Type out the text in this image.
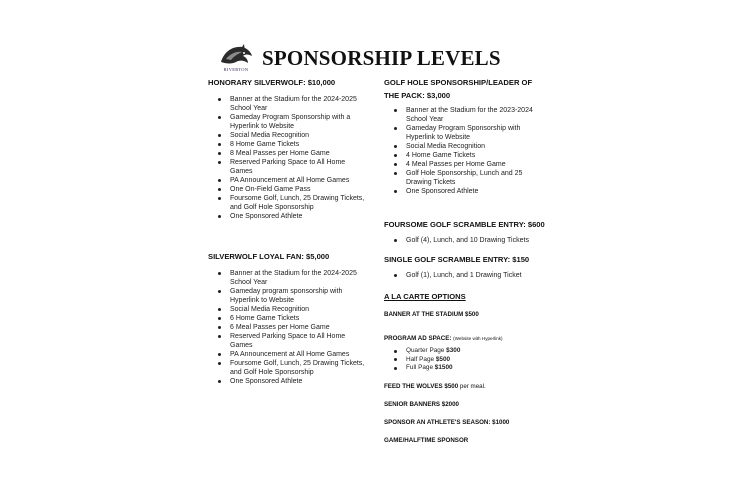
RIVERTON SPONSORSHIP LEVELS

HONORARY SILVERWOLF: $10,000

Banner at the Stadium for the 2024-2025 School Year
Gameday Program Sponsorship with a Hyperlink to Website
Social Media Recognition
8 Home Game Tickets
8 Meal Passes per Home Game
Reserved Parking Space to All Home Games
PA Announcement at All Home Games
One On-Field Game Pass
Foursome Golf, Lunch, 25 Drawing Tickets, and Golf Hole Sponsorship
One Sponsored Athlete

SILVERWOLF LOYAL FAN: $5,000

Banner at the Stadium for the 2024-2025 School Year
Gameday program sponsorship with Hyperlink to Website
Social Media Recognition
6 Home Game Tickets
6 Meal Passes per Home Game
Reserved Parking Space to All Home Games
PA Announcement at All Home Games
Foursome Golf, Lunch, 25 Drawing Tickets, and Golf Hole Sponsorship
One Sponsored Athlete

GOLF HOLE SPONSORSHIP/LEADER OF

THE PACK: $3,000

Banner at the Stadium for the 2023-2024 School Year
Gameday Program Sponsorship with Hyperlink to Website
Social Media Recognition
4 Home Game Tickets
4 Meal Passes per Home Game
Golf Hole Sponsorship, Lunch and 25 Drawing Tickets
One Sponsored Athlete

FOURSOME GOLF SCRAMBLE ENTRY: $600

Golf (4), Lunch, and 10 Drawing Tickets

SINGLE GOLF SCRAMBLE ENTRY: $150

Golf (1), Lunch, and 1 Drawing Ticket

A LA CARTE OPTIONS

BANNER AT THE STADIUM $500

PROGRAM AD SPACE: (Website with Hyperlink)

Quarter Page $300
Half Page $500
Full Page $1500

FEED THE WOLVES $500 per meal.

SENIOR BANNERS $2000

SPONSOR AN ATHLETE'S SEASON: $1000

GAME/HALFTIME SPONSOR
